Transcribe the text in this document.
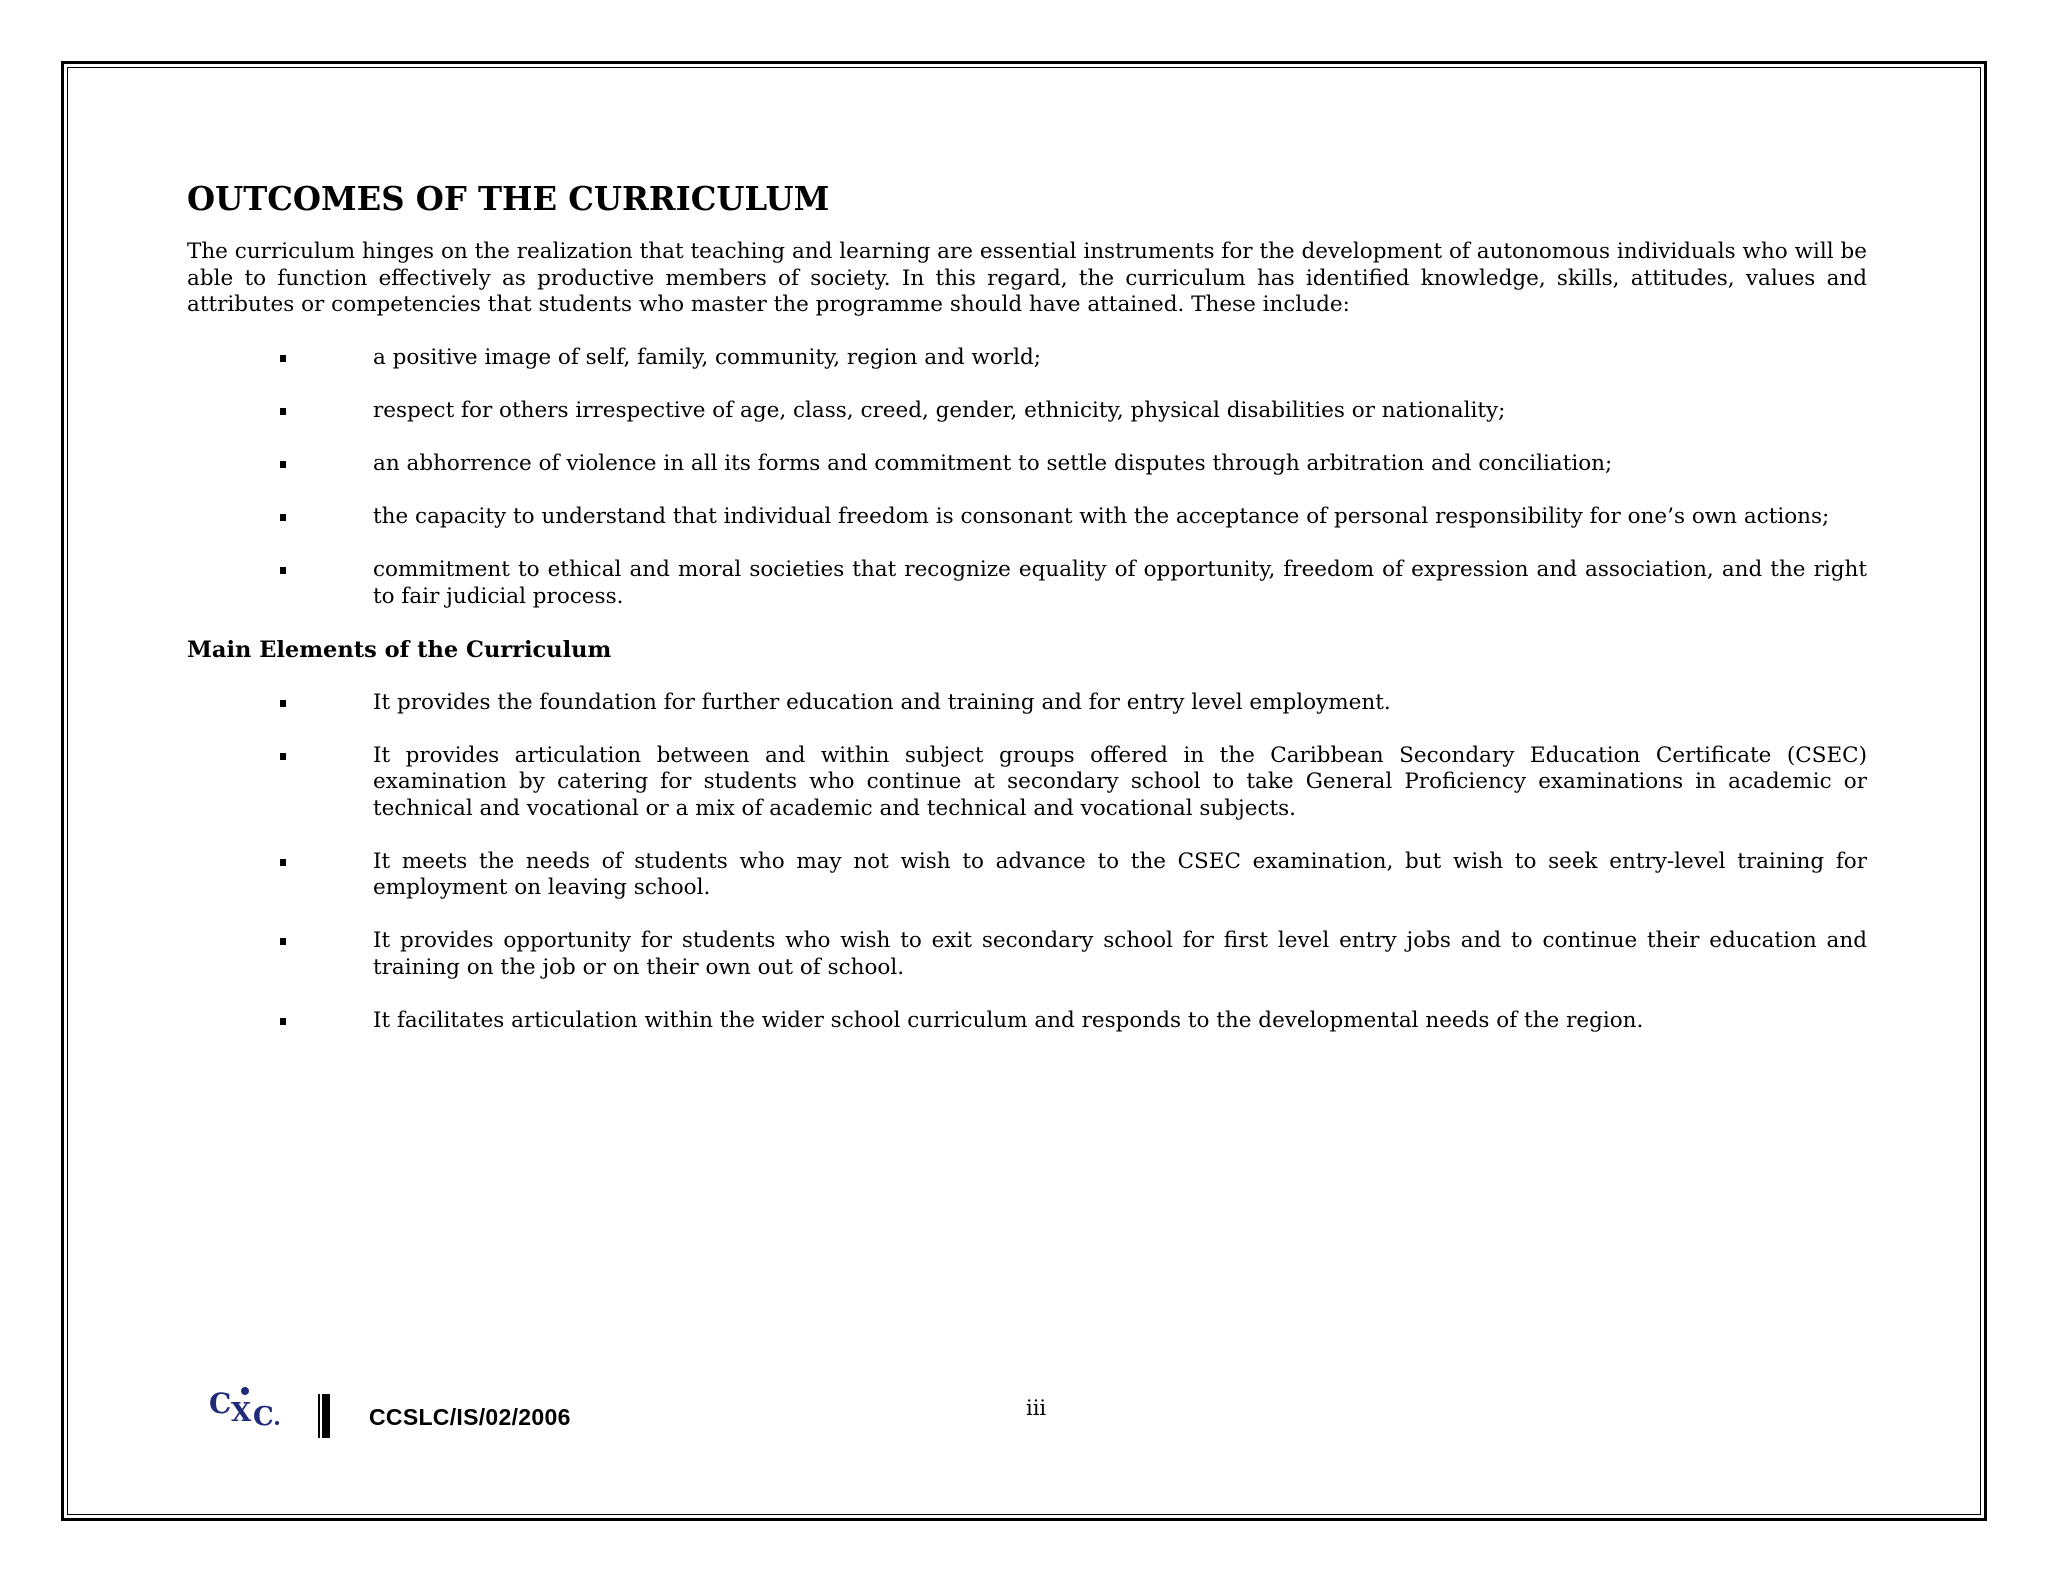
OUTCOMES OF THE CURRICULUM

The curriculum hinges on the realization that teaching and learning are essential instruments for the development of autonomous individuals who will be able to function effectively as productive members of society. In this regard, the curriculum has identified knowledge, skills, attitudes, values and attributes or competencies that students who master the programme should have attained. These include:

a positive image of self, family, community, region and world;
respect for others irrespective of age, class, creed, gender, ethnicity, physical disabilities or nationality;
an abhorrence of violence in all its forms and commitment to settle disputes through arbitration and conciliation;
the capacity to understand that individual freedom is consonant with the acceptance of personal responsibility for one’s own actions;
commitment to ethical and moral societies that recognize equality of opportunity, freedom of expression and association, and the right to fair judicial process.
Main Elements of the Curriculum
It provides the foundation for further education and training and for entry level employment.
It provides articulation between and within subject groups offered in the Caribbean Secondary Education Certificate (CSEC) examination by catering for students who continue at secondary school to take General Proficiency examinations in academic or technical and vocational or a mix of academic and technical and vocational subjects.
It meets the needs of students who may not wish to advance to the CSEC examination, but wish to seek entry-level training for employment on leaving school.
It provides opportunity for students who wish to exit secondary school for first level entry jobs and to continue their education and training on the job or on their own out of school.
It facilitates articulation within the wider school curriculum and responds to the developmental needs of the region.
C X C	CCSLC/IS/02/2006	iii
